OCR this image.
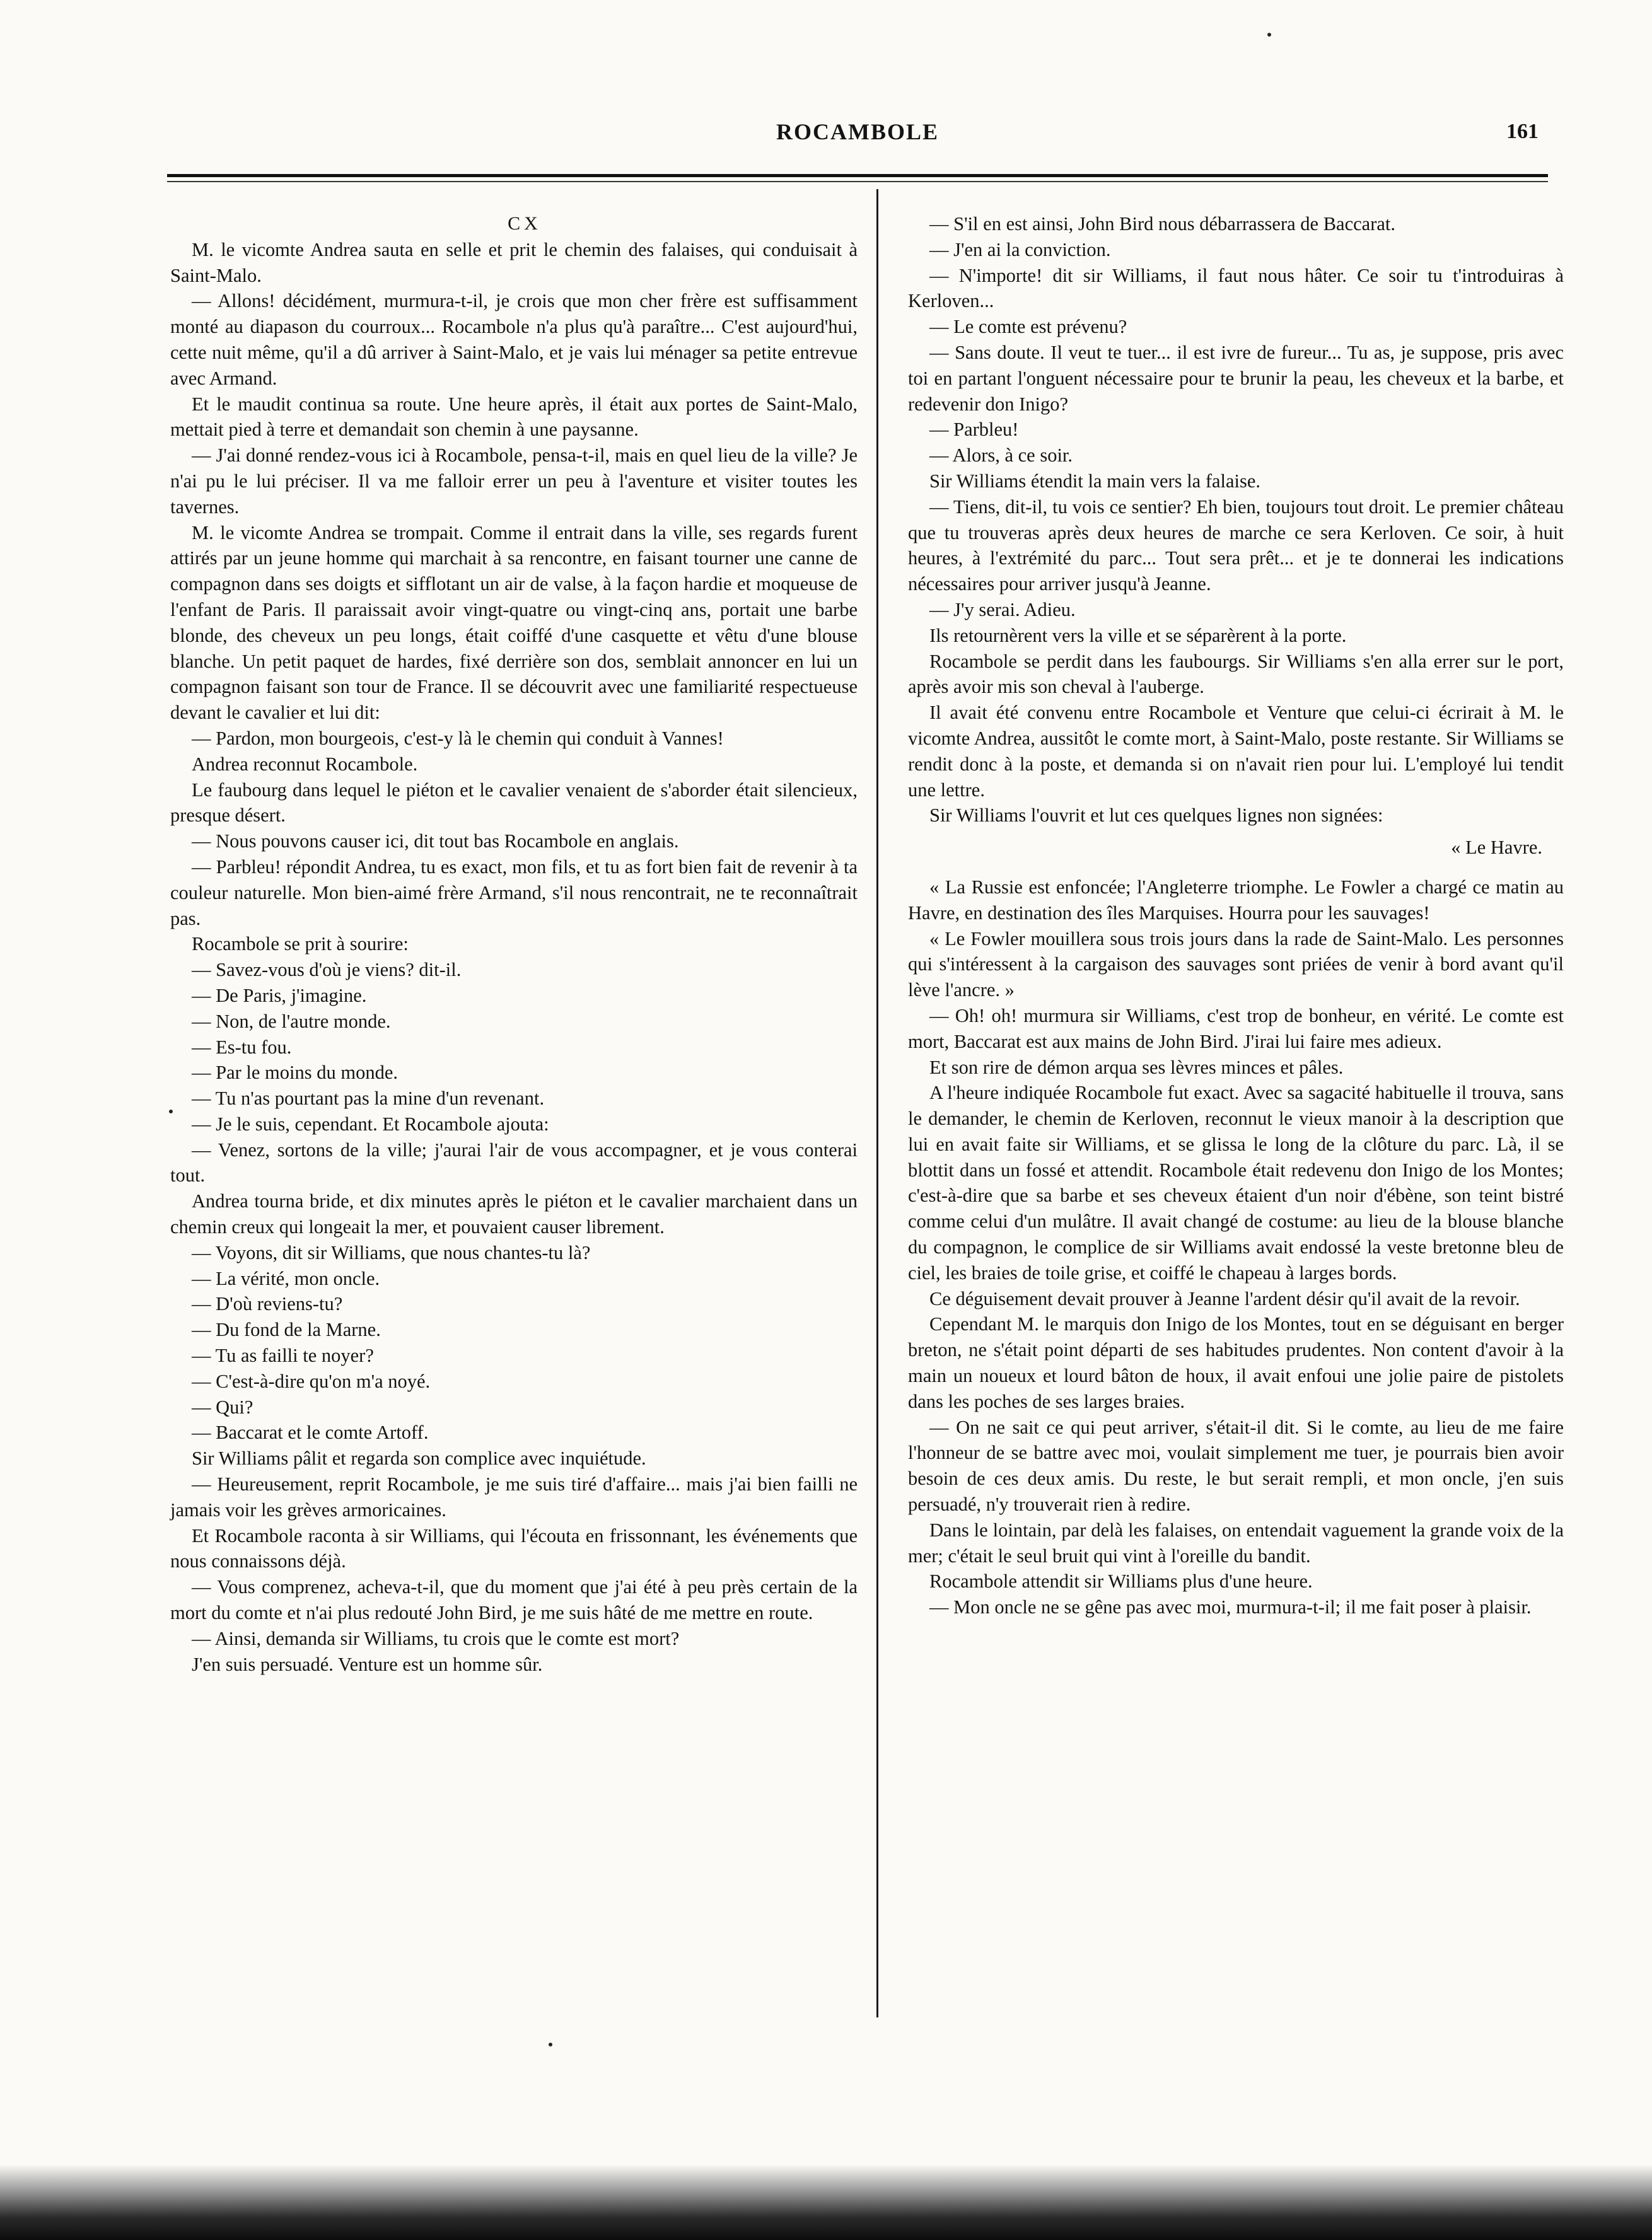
ROCAMBOLE	161

CX

M. le vicomte Andrea sauta en selle et prit le chemin des falaises, qui conduisait à Saint-Malo.

— Allons! décidément, murmura-t-il, je crois que mon cher frère est suffisamment monté au diapason du courroux... Rocambole n'a plus qu'à paraître... C'est aujourd'hui, cette nuit même, qu'il a dû arriver à Saint-Malo, et je vais lui ménager sa petite entrevue avec Armand.

Et le maudit continua sa route. Une heure après, il était aux portes de Saint-Malo, mettait pied à terre et demandait son chemin à une paysanne.

— J'ai donné rendez-vous ici à Rocambole, pensa-t-il, mais en quel lieu de la ville? Je n'ai pu le lui préciser. Il va me falloir errer un peu à l'aventure et visiter toutes les tavernes.

M. le vicomte Andrea se trompait. Comme il entrait dans la ville, ses regards furent attirés par un jeune homme qui marchait à sa rencontre, en faisant tourner une canne de compagnon dans ses doigts et sifflotant un air de valse, à la façon hardie et moqueuse de l'enfant de Paris. Il paraissait avoir vingt-quatre ou vingt-cinq ans, portait une barbe blonde, des cheveux un peu longs, était coiffé d'une casquette et vêtu d'une blouse blanche. Un petit paquet de hardes, fixé derrière son dos, semblait annoncer en lui un compagnon faisant son tour de France. Il se découvrit avec une familiarité respectueuse devant le cavalier et lui dit:

— Pardon, mon bourgeois, c'est-y là le chemin qui conduit à Vannes!

Andrea reconnut Rocambole.

Le faubourg dans lequel le piéton et le cavalier venaient de s'aborder était silencieux, presque désert.

— Nous pouvons causer ici, dit tout bas Rocambole en anglais.

— Parbleu! répondit Andrea, tu es exact, mon fils, et tu as fort bien fait de revenir à ta couleur naturelle. Mon bien-aimé frère Armand, s'il nous rencontrait, ne te reconnaîtrait pas.

Rocambole se prit à sourire:

— Savez-vous d'où je viens? dit-il.

— De Paris, j'imagine.

— Non, de l'autre monde.

— Es-tu fou.

— Par le moins du monde.

— Tu n'as pourtant pas la mine d'un revenant.

— Je le suis, cependant. Et Rocambole ajouta:

— Venez, sortons de la ville; j'aurai l'air de vous accompagner, et je vous conterai tout.

Andrea tourna bride, et dix minutes après le piéton et le cavalier marchaient dans un chemin creux qui longeait la mer, et pouvaient causer librement.

— Voyons, dit sir Williams, que nous chantes-tu là?

— La vérité, mon oncle.

— D'où reviens-tu?

— Du fond de la Marne.

— Tu as failli te noyer?

— C'est-à-dire qu'on m'a noyé.

— Qui?

— Baccarat et le comte Artoff.

Sir Williams pâlit et regarda son complice avec inquiétude.

— Heureusement, reprit Rocambole, je me suis tiré d'affaire... mais j'ai bien failli ne jamais voir les grèves armoricaines.

Et Rocambole raconta à sir Williams, qui l'écouta en frissonnant, les événements que nous connaissons déjà.

— Vous comprenez, acheva-t-il, que du moment que j'ai été à peu près certain de la mort du comte et n'ai plus redouté John Bird, je me suis hâté de me mettre en route.

— Ainsi, demanda sir Williams, tu crois que le comte est mort?

J'en suis persuadé. Venture est un homme sûr.

— S'il en est ainsi, John Bird nous débarrassera de Baccarat.

— J'en ai la conviction.

— N'importe! dit sir Williams, il faut nous hâter. Ce soir tu t'introduiras à Kerloven...

— Le comte est prévenu?

— Sans doute. Il veut te tuer... il est ivre de fureur... Tu as, je suppose, pris avec toi en partant l'onguent nécessaire pour te brunir la peau, les cheveux et la barbe, et redevenir don Inigo?

— Parbleu!

— Alors, à ce soir.

Sir Williams étendit la main vers la falaise.

— Tiens, dit-il, tu vois ce sentier? Eh bien, toujours tout droit. Le premier château que tu trouveras après deux heures de marche ce sera Kerloven. Ce soir, à huit heures, à l'extrémité du parc... Tout sera prêt... et je te donnerai les indications nécessaires pour arriver jusqu'à Jeanne.

— J'y serai. Adieu.

Ils retournèrent vers la ville et se séparèrent à la porte.

Rocambole se perdit dans les faubourgs. Sir Williams s'en alla errer sur le port, après avoir mis son cheval à l'auberge.

Il avait été convenu entre Rocambole et Venture que celui-ci écrirait à M. le vicomte Andrea, aussitôt le comte mort, à Saint-Malo, poste restante. Sir Williams se rendit donc à la poste, et demanda si on n'avait rien pour lui. L'employé lui tendit une lettre.

Sir Williams l'ouvrit et lut ces quelques lignes non signées:

« Le Havre.

« La Russie est enfoncée; l'Angleterre triomphe. Le Fowler a chargé ce matin au Havre, en destination des îles Marquises. Hourra pour les sauvages!

« Le Fowler mouillera sous trois jours dans la rade de Saint-Malo. Les personnes qui s'intéressent à la cargaison des sauvages sont priées de venir à bord avant qu'il lève l'ancre. »

— Oh! oh! murmura sir Williams, c'est trop de bonheur, en vérité. Le comte est mort, Baccarat est aux mains de John Bird. J'irai lui faire mes adieux.

Et son rire de démon arqua ses lèvres minces et pâles.

A l'heure indiquée Rocambole fut exact. Avec sa sagacité habituelle il trouva, sans le demander, le chemin de Kerloven, reconnut le vieux manoir à la description que lui en avait faite sir Williams, et se glissa le long de la clôture du parc. Là, il se blottit dans un fossé et attendit. Rocambole était redevenu don Inigo de los Montes; c'est-à-dire que sa barbe et ses cheveux étaient d'un noir d'ébène, son teint bistré comme celui d'un mulâtre. Il avait changé de costume: au lieu de la blouse blanche du compagnon, le complice de sir Williams avait endossé la veste bretonne bleu de ciel, les braies de toile grise, et coiffé le chapeau à larges bords.

Ce déguisement devait prouver à Jeanne l'ardent désir qu'il avait de la revoir.

Cependant M. le marquis don Inigo de los Montes, tout en se déguisant en berger breton, ne s'était point départi de ses habitudes prudentes. Non content d'avoir à la main un noueux et lourd bâton de houx, il avait enfoui une jolie paire de pistolets dans les poches de ses larges braies.

— On ne sait ce qui peut arriver, s'était-il dit. Si le comte, au lieu de me faire l'honneur de se battre avec moi, voulait simplement me tuer, je pourrais bien avoir besoin de ces deux amis. Du reste, le but serait rempli, et mon oncle, j'en suis persuadé, n'y trouverait rien à redire.

Dans le lointain, par delà les falaises, on entendait vaguement la grande voix de la mer; c'était le seul bruit qui vint à l'oreille du bandit.

Rocambole attendit sir Williams plus d'une heure.

— Mon oncle ne se gêne pas avec moi, murmura-t-il; il me fait poser à plaisir.
